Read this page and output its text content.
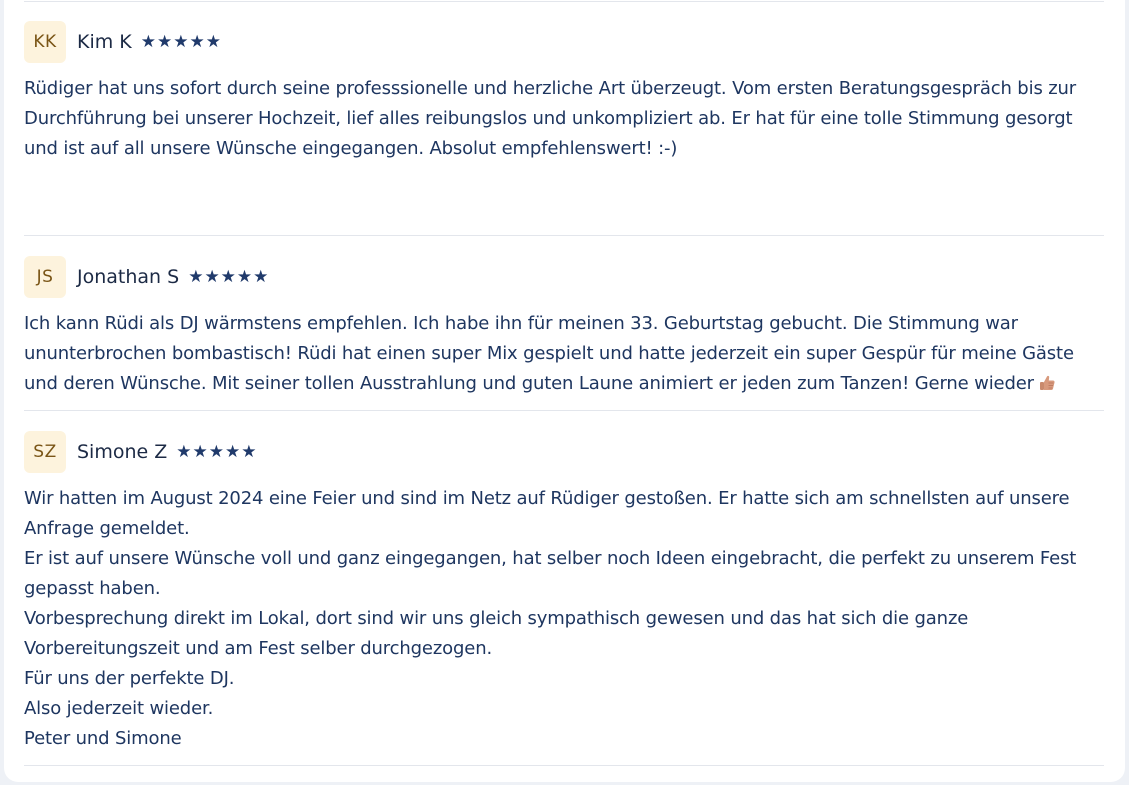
KK	Kim K ★★★★★
Rüdiger hat uns sofort durch seine professsionelle und herzliche Art überzeugt. Vom ersten Beratungsgespräch bis zur Durchführung bei unserer Hochzeit, lief alles reibungslos und unkompliziert ab. Er hat für eine tolle Stimmung gesorgt und ist auf all unsere Wünsche eingegangen. Absolut empfehlenswert! :-)
JS	Jonathan S ★★★★★
Ich kann Rüdi als DJ wärmstens empfehlen. Ich habe ihn für meinen 33. Geburtstag gebucht. Die Stimmung war ununterbrochen bombastisch! Rüdi hat einen super Mix gespielt und hatte jederzeit ein super Gespür für meine Gäste und deren Wünsche. Mit seiner tollen Ausstrahlung und guten Laune animiert er jeden zum Tanzen! Gerne wieder
SZ	Simone Z ★★★★★
Wir hatten im August 2024 eine Feier und sind im Netz auf Rüdiger gestoßen. Er hatte sich am schnellsten auf unsere Anfrage gemeldet.
Er ist auf unsere Wünsche voll und ganz eingegangen, hat selber noch Ideen eingebracht, die perfekt zu unserem Fest gepasst haben.
Vorbesprechung direkt im Lokal, dort sind wir uns gleich sympathisch gewesen und das hat sich die ganze Vorbereitungszeit und am Fest selber durchgezogen.
Für uns der perfekte DJ.
Also jederzeit wieder.
Peter und Simone
